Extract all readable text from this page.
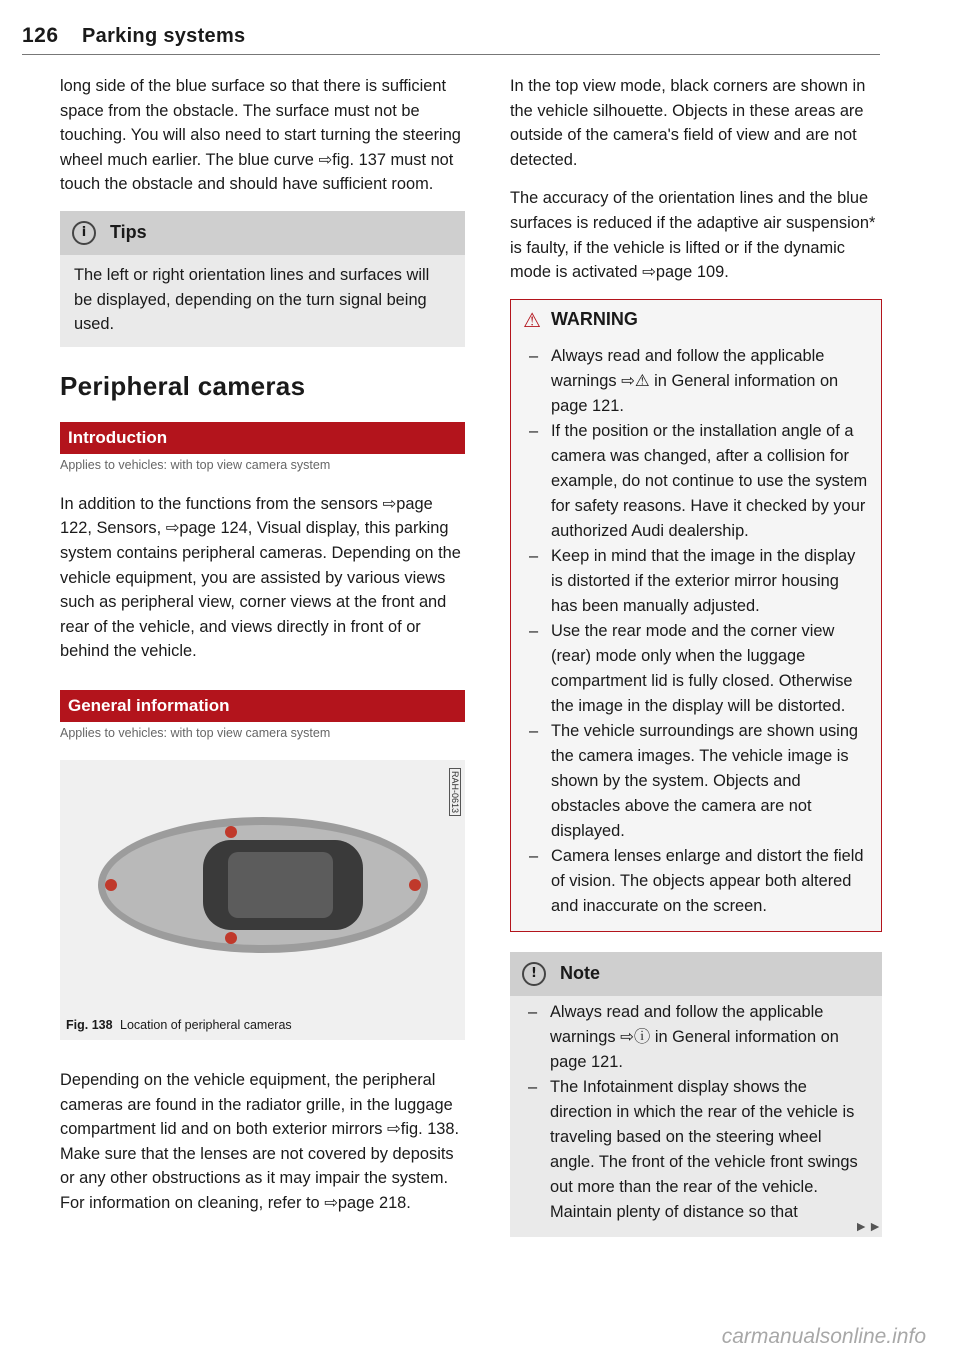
126 Parking systems

long side of the blue surface so that there is sufficient space from the obstacle. The surface must not be touching. You will also need to start turning the steering wheel much earlier. The blue curve ⇨fig. 137 must not touch the obstacle and should have sufficient room.

i	Tips

The left or right orientation lines and surfaces will be displayed, depending on the turn signal being used.

Peripheral cameras
Introduction
Applies to vehicles: with top view camera system

In addition to the functions from the sensors ⇨page 122, Sensors, ⇨page 124, Visual display, this parking system contains peripheral cameras. Depending on the vehicle equipment, you are assisted by various views such as peripheral view, corner views at the front and rear of the vehicle, and views directly in front of or behind the vehicle.

General information
Applies to vehicles: with top view camera system
RAH-0613
Fig. 138 Location of peripheral cameras

Depending on the vehicle equipment, the peripheral cameras are found in the radiator grille, in the luggage compartment lid and on both exterior mirrors ⇨fig. 138. Make sure that the lenses are not covered by deposits or any other obstructions as it may impair the system. For information on cleaning, refer to ⇨page 218.

In the top view mode, black corners are shown in the vehicle silhouette. Objects in these areas are outside of the camera's field of view and are not detected.

The accuracy of the orientation lines and the blue surfaces is reduced if the adaptive air suspension* is faulty, if the vehicle is lifted or if the dynamic mode is activated ⇨page 109.

⚠ WARNING
– Always read and follow the applicable warnings ⇨⚠ in General information on page 121.
– If the position or the installation angle of a camera was changed, after a collision for example, do not continue to use the system for safety reasons. Have it checked by your authorized Audi dealership.
– Keep in mind that the image in the display is distorted if the exterior mirror housing has been manually adjusted.
– Use the rear mode and the corner view (rear) mode only when the luggage compartment lid is fully closed. Otherwise the image in the display will be distorted.
– The vehicle surroundings are shown using the camera images. The vehicle image is shown by the system. Objects and obstacles above the camera are not displayed.
– Camera lenses enlarge and distort the field of vision. The objects appear both altered and inaccurate on the screen.
!	Note
– Always read and follow the applicable warnings ⇨ⓘ in General information on page 121.
– The Infotainment display shows the direction in which the rear of the vehicle is traveling based on the steering wheel angle. The front of the vehicle front swings out more than the rear of the vehicle. Maintain plenty of distance so that
►►
carmanualsonline.info
